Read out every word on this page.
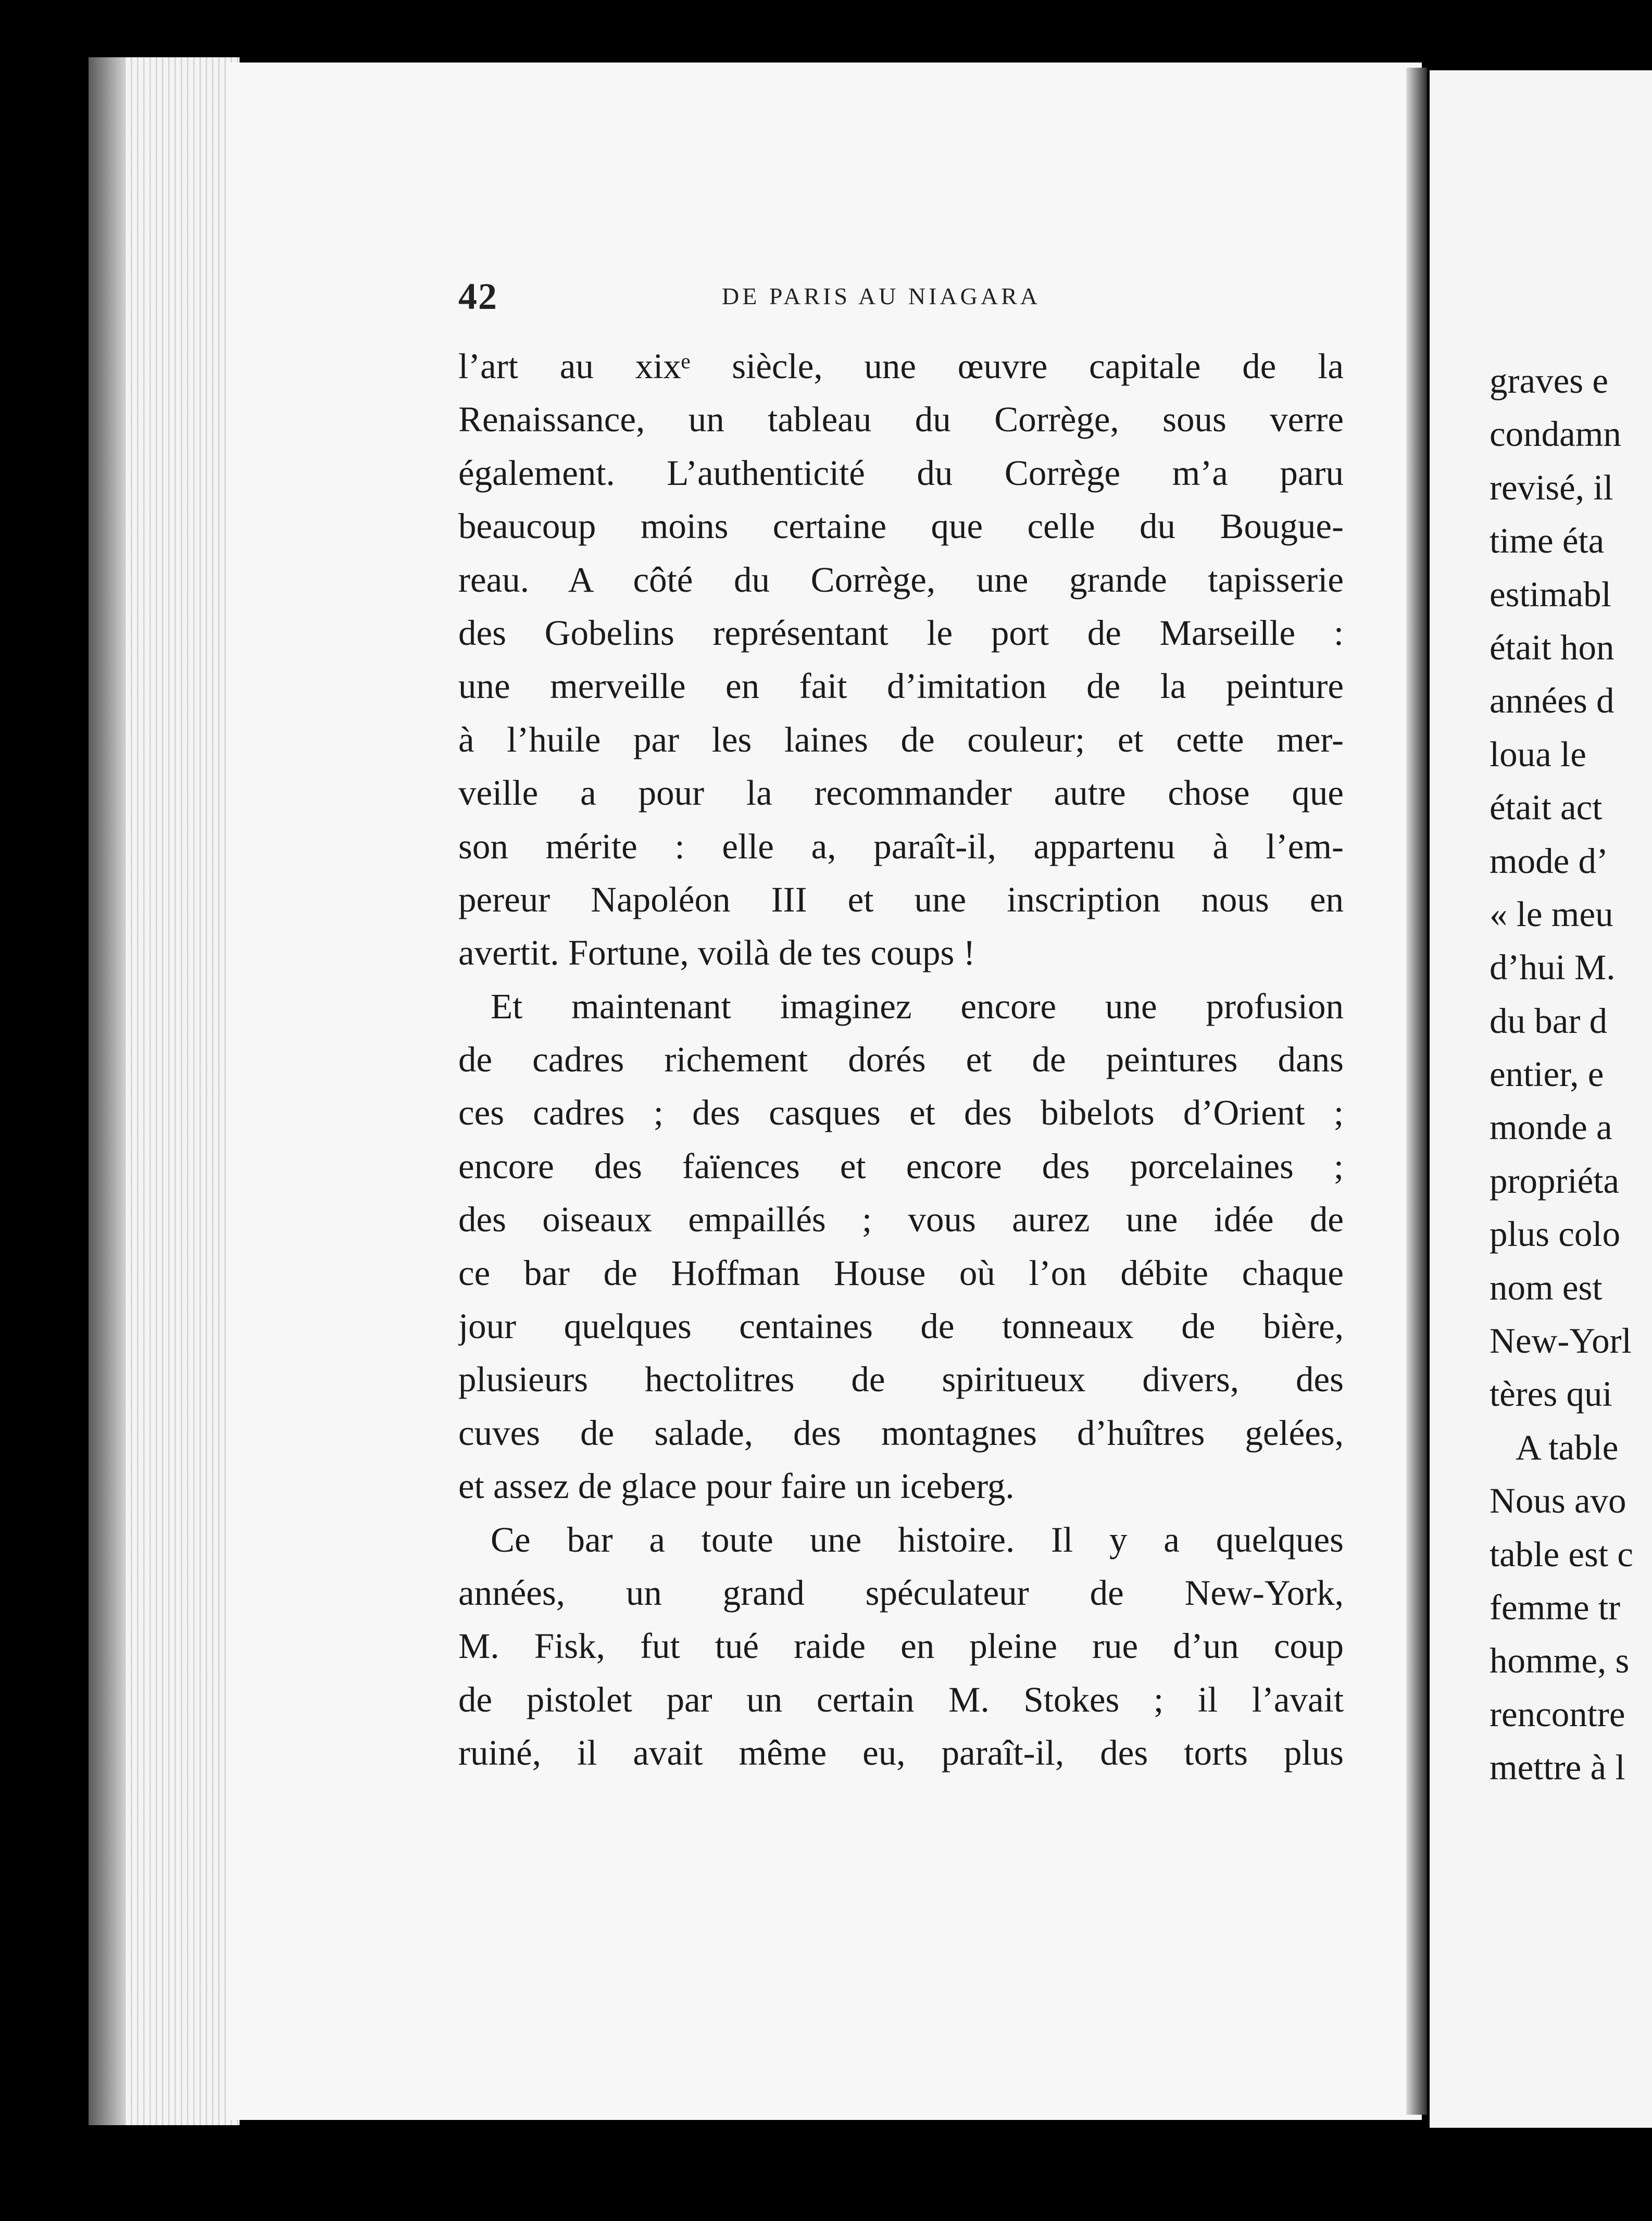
42	DE PARIS AU NIAGARA
l’art au xixᵉ siècle, une œuvre capitale de la
Renaissance, un tableau du Corrège, sous verre
également. L’authenticité du Corrège m’a paru
beaucoup moins certaine que celle du Bougue-
reau. A côté du Corrège, une grande tapisserie
des Gobelins représentant le port de Marseille :
une merveille en fait d’imitation de la peinture
à l’huile par les laines de couleur; et cette mer-
veille a pour la recommander autre chose que
son mérite : elle a, paraît-il, appartenu à l’em-
pereur Napoléon III et une inscription nous en
avertit. Fortune, voilà de tes coups !
Et maintenant imaginez encore une profusion
de cadres richement dorés et de peintures dans
ces cadres ; des casques et des bibelots d’Orient ;
encore des faïences et encore des porcelaines ;
des oiseaux empaillés ; vous aurez une idée de
ce bar de Hoffman House où l’on débite chaque
jour quelques centaines de tonneaux de bière,
plusieurs hectolitres de spiritueux divers, des
cuves de salade, des montagnes d’huîtres gelées,
et assez de glace pour faire un iceberg.
Ce bar a toute une histoire. Il y a quelques
années, un grand spéculateur de New-York,
M. Fisk, fut tué raide en pleine rue d’un coup
de pistolet par un certain M. Stokes ; il l’avait
ruiné, il avait même eu, paraît-il, des torts plus
graves e
condamn
revisé, il
time éta
estimabl
était hon
années d
loua le
était act
mode d’
« le meu
d’hui M.
du bar d
entier, e
monde a
propriéta
plus colo
nom est
New-Yorl
tères qui
A table
Nous avo
table est c
femme tr
homme, s
rencontre
mettre à l
